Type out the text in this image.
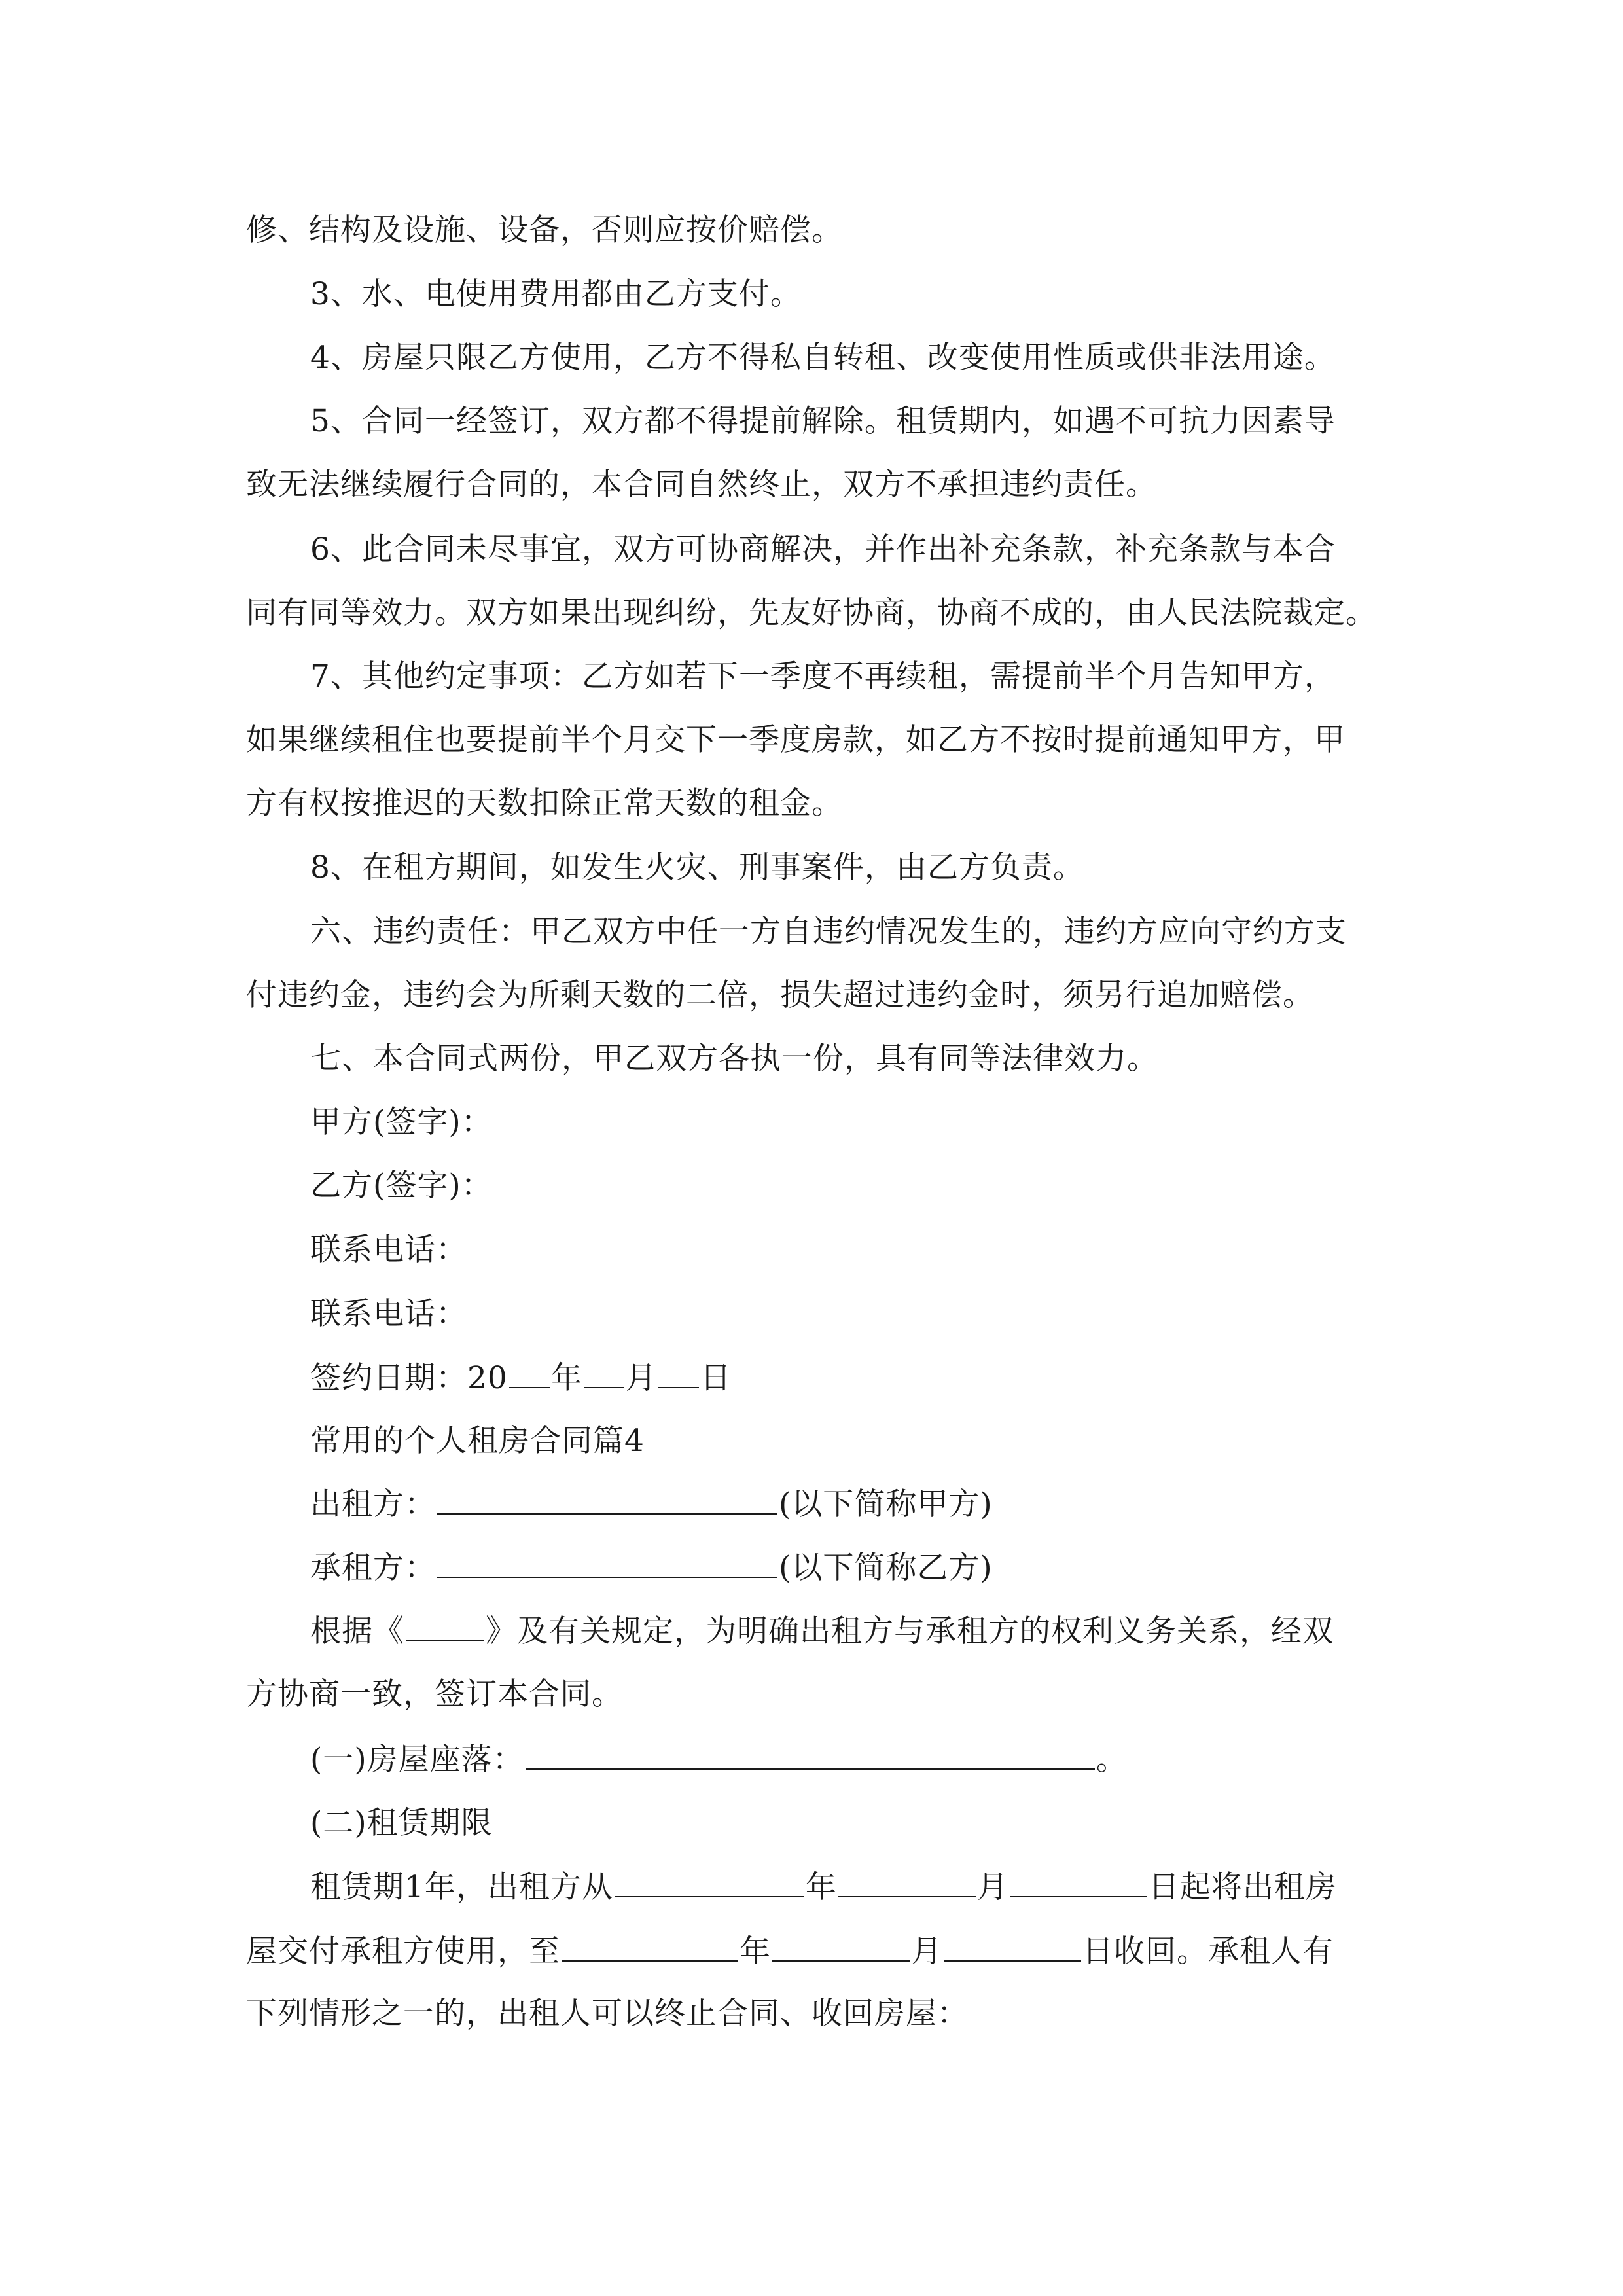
修、结构及设施、设备，否则应按价赔偿。
3、水、电使用费用都由乙方支付。
4、房屋只限乙方使用，乙方不得私自转租、改变使用性质或供非法用途。
5、合同一经签订，双方都不得提前解除。租赁期内，如遇不可抗力因素导
致无法继续履行合同的，本合同自然终止，双方不承担违约责任。
6、此合同未尽事宜，双方可协商解决，并作出补充条款，补充条款与本合
同有同等效力。双方如果出现纠纷，先友好协商，协商不成的，由人民法院裁定。
7、其他约定事项：乙方如若下一季度不再续租，需提前半个月告知甲方，
如果继续租住也要提前半个月交下一季度房款，如乙方不按时提前通知甲方，甲
方有权按推迟的天数扣除正常天数的租金。
8、在租方期间，如发生火灾、刑事案件，由乙方负责。
六、违约责任：甲乙双方中任一方自违约情况发生的，违约方应向守约方支
付违约金，违约会为所剩天数的二倍，损失超过违约金时，须另行追加赔偿。
七、本合同式两份，甲乙双方各执一份，具有同等法律效力。
甲方(签字)：
乙方(签字)：
联系电话：
联系电话：
签约日期：20 年 月 日
常用的个人租房合同篇4
出租方：	(以下简称甲方)
承租方：	(以下简称乙方)
根据《	》及有关规定，为明确出租方与承租方的权利义务关系，经双
方协商一致，签订本合同。
(一)房屋座落：	。
(二)租赁期限
租赁期1年，出租方从	年	月	日起将出租房
屋交付承租方使用，至	年	月	日收回。承租人有
下列情形之一的，出租人可以终止合同、收回房屋：
